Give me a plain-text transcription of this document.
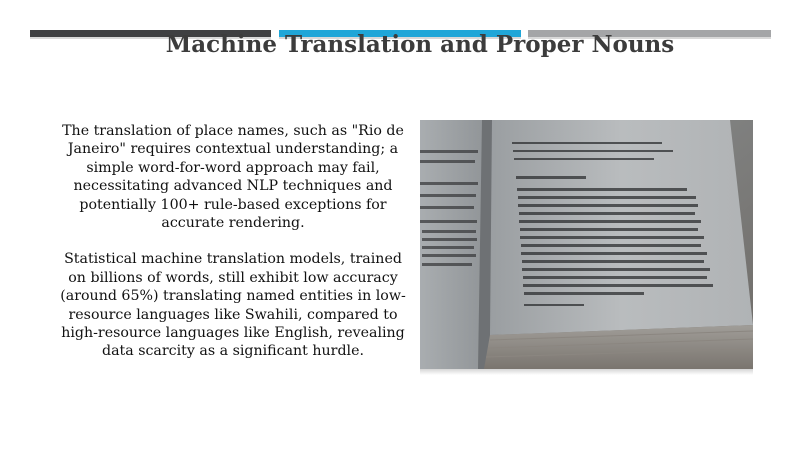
Machine Translation and Proper Nouns

The translation of place names, such as "Rio de Janeiro" requires contextual understanding; a simple word-for-word approach may fail, necessitating advanced NLP techniques and potentially 100+ rule-based exceptions for accurate rendering.

Statistical machine translation models, trained on billions of words, still exhibit low accuracy (around 65%) translating named entities in low-resource languages like Swahili, compared to high-resource languages like English, revealing data scarcity as a significant hurdle.
